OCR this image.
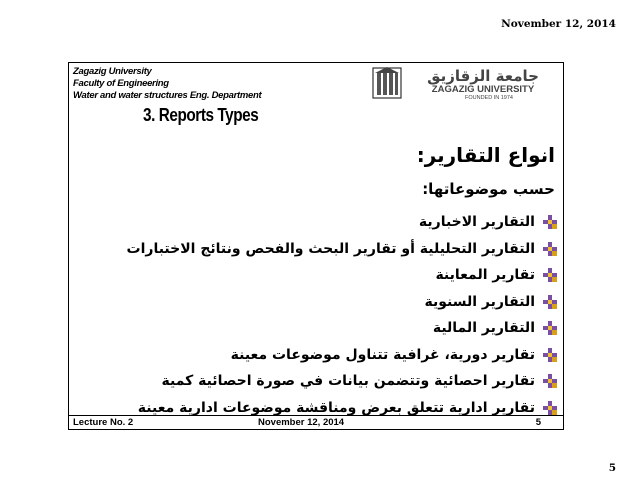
November 12, 2014
Zagazig University
Faculty of Engineering
Water and water structures Eng. Department
جامعة الزقازيق
ZAGAZIG UNIVERSITY
FOUNDED IN 1974
3. Reports Types
انواع التقارير:
حسب موضوعاتها:
التقارير الاخبارية
التقارير التحليلية أو تقارير البحث والفحص ونتائج الاختبارات
تقارير المعاينة
التقارير السنوية
التقارير المالية
تقارير دورية، غرافية تتناول موضوعات معينة
تقارير احصائية وتتضمن بيانات في صورة احصائية كمية
تقارير ادارية تتعلق بعرض ومناقشة موضوعات ادارية معينة
Lecture No. 2	November 12, 2014	5
5
